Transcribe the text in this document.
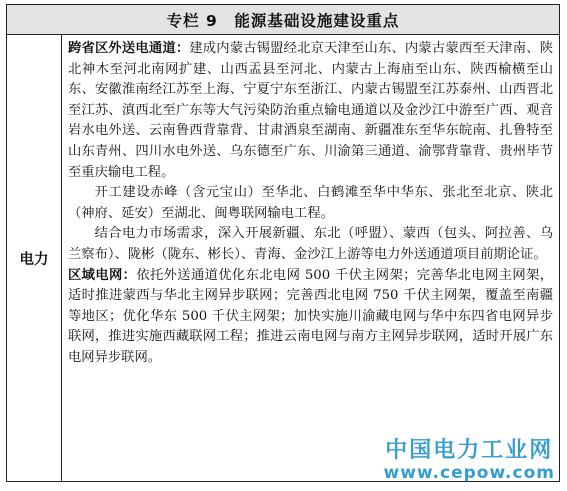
专栏 9　能源基础设施建设重点
电力

跨省区外送电通道：建成内蒙古锡盟经北京天津至山东、内蒙古蒙西至天津南、陕北神木至河北南网扩建、山西盂县至河北、内蒙古上海庙至山东、陕西榆横至山东、安徽淮南经江苏至上海、宁夏宁东至浙江、内蒙古锡盟至江苏泰州、山西晋北至江苏、滇西北至广东等大气污染防治重点输电通道以及金沙江中游至广西、观音岩水电外送、云南鲁西背靠背、甘肃酒泉至湖南、新疆准东至华东皖南、扎鲁特至山东青州、四川水电外送、乌东德至广东、川渝第三通道、渝鄂背靠背、贵州毕节至重庆输电工程。

开工建设赤峰（含元宝山）至华北、白鹤滩至华中华东、张北至北京、陕北（神府、延安）至湖北、闽粤联网输电工程。

结合电力市场需求，深入开展新疆、东北（呼盟）、蒙西（包头、阿拉善、乌兰察布）、陇彬（陇东、彬长）、青海、金沙江上游等电力外送通道项目前期论证。

区域电网：依托外送通道优化东北电网 500 千伏主网架；完善华北电网主网架，适时推进蒙西与华北主网异步联网；完善西北电网 750 千伏主网架，覆盖至南疆等地区；优化华东 500 千伏主网架；加快实施川渝藏电网与华中东四省电网异步联网，推进实施西藏联网工程；推进云南电网与南方主网异步联网，适时开展广东电网异步联网。

中国电力工业网
www.cepow.com
